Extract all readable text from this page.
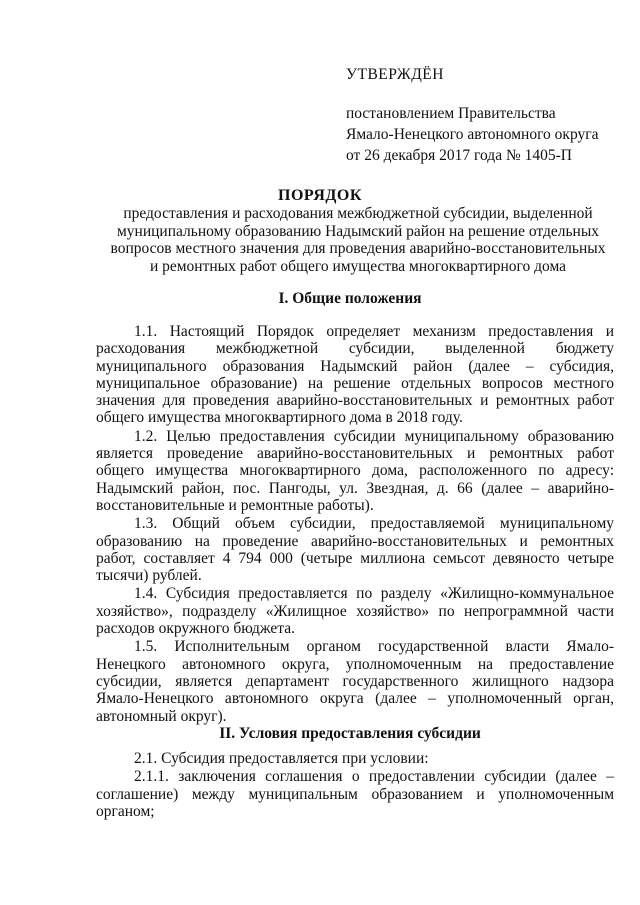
УТВЕРЖДЁН
постановлением Правительства
Ямало-Ненецкого автономного округа
от 26 декабря 2017 года № 1405-П
ПОРЯДОК
предоставления и расходования межбюджетной субсидии, выделенной
муниципальному образованию Надымский район на решение отдельных
вопросов местного значения для проведения аварийно-восстановительных
и ремонтных работ общего имущества многоквартирного дома
I. Общие положения
1.1. Настоящий Порядок определяет механизм предоставления и расходования межбюджетной субсидии, выделенной бюджету муниципального образования Надымский район (далее – субсидия, муниципальное образование) на решение отдельных вопросов местного значения для проведения аварийно-восстановительных и ремонтных работ общего имущества многоквартирного дома в 2018 году.
1.2. Целью предоставления субсидии муниципальному образованию является проведение аварийно-восстановительных и ремонтных работ общего имущества многоквартирного дома, расположенного по адресу: Надымский район, пос. Пангоды, ул. Звездная, д. 66 (далее – аварийно-восстановительные и ремонтные работы).
1.3. Общий объем субсидии, предоставляемой муниципальному образованию на проведение аварийно-восстановительных и ремонтных работ, составляет 4 794 000 (четыре миллиона семьсот девяносто четыре тысячи) рублей.
1.4. Субсидия предоставляется по разделу «Жилищно-коммунальное хозяйство», подразделу «Жилищное хозяйство» по непрограммной части расходов окружного бюджета.
1.5. Исполнительным органом государственной власти Ямало-Ненецкого автономного округа, уполномоченным на предоставление субсидии, является департамент государственного жилищного надзора Ямало-Ненецкого автономного округа (далее – уполномоченный орган, автономный округ).
II. Условия предоставления субсидии
2.1. Субсидия предоставляется при условии:
2.1.1. заключения соглашения о предоставлении субсидии (далее – соглашение) между муниципальным образованием и уполномоченным органом;
